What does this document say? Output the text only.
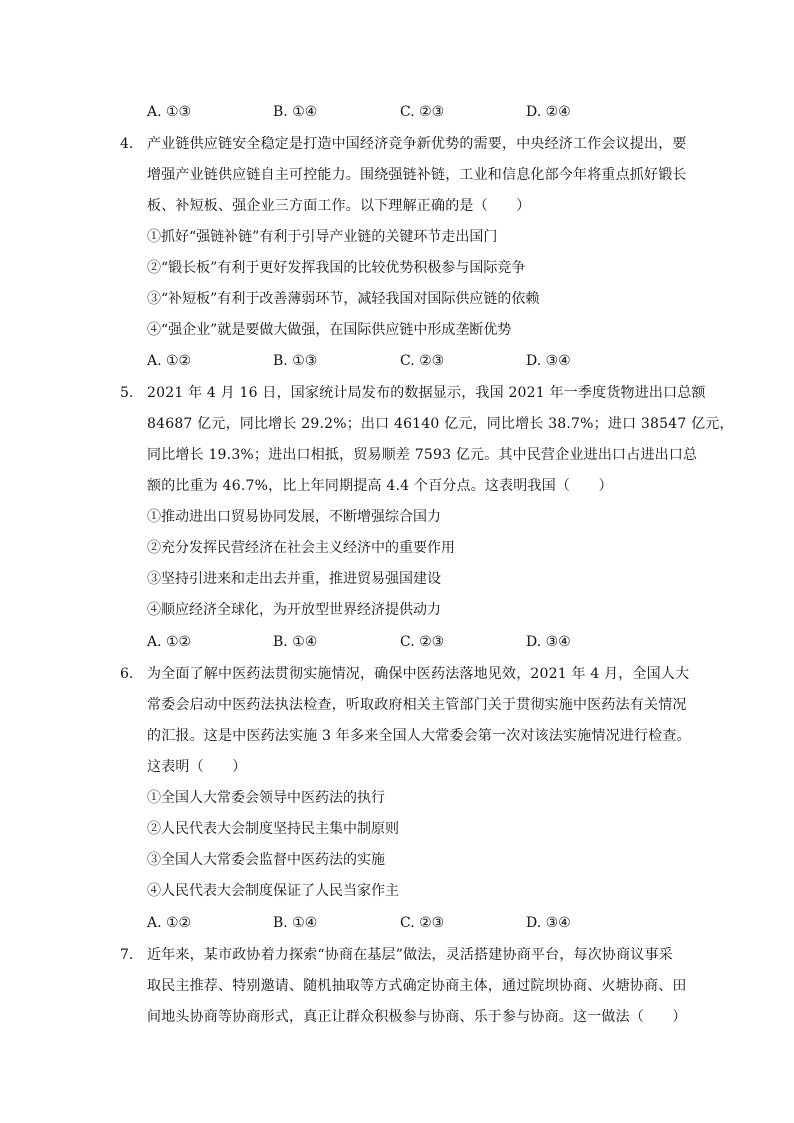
A. ①③	B. ①④	C. ②③	D. ②④
4. 产业链供应链安全稳定是打造中国经济竞争新优势的需要，中央经济工作会议提出，要
增强产业链供应链自主可控能力。围绕强链补链，工业和信息化部今年将重点抓好锻长
板、补短板、强企业三方面工作。以下理解正确的是（　　）
①抓好“强链补链”有利于引导产业链的关键环节走出国门
②“锻长板”有利于更好发挥我国的比较优势积极参与国际竞争
③“补短板”有利于改善薄弱环节，减轻我国对国际供应链的依赖
④“强企业”就是要做大做强，在国际供应链中形成垄断优势
A. ①②	B. ①③	C. ②③	D. ③④
5. 2021 年 4 月 16 日，国家统计局发布的数据显示，我国 2021 年一季度货物进出口总额
84687 亿元，同比增长 29.2%；出口 46140 亿元，同比增长 38.7%；进口 38547 亿元，
同比增长 19.3%；进出口相抵，贸易顺差 7593 亿元。其中民营企业进出口占进出口总
额的比重为 46.7%，比上年同期提高 4.4 个百分点。这表明我国（　　）
①推动进出口贸易协同发展，不断增强综合国力
②充分发挥民营经济在社会主义经济中的重要作用
③坚持引进来和走出去并重，推进贸易强国建设
④顺应经济全球化，为开放型世界经济提供动力
A. ①②	B. ①④	C. ②③	D. ③④
6. 为全面了解中医药法贯彻实施情况，确保中医药法落地见效，2021 年 4 月，全国人大
常委会启动中医药法执法检查，听取政府相关主管部门关于贯彻实施中医药法有关情况
的汇报。这是中医药法实施 3 年多来全国人大常委会第一次对该法实施情况进行检查。
这表明（　　）
①全国人大常委会领导中医药法的执行
②人民代表大会制度坚持民主集中制原则
③全国人大常委会监督中医药法的实施
④人民代表大会制度保证了人民当家作主
A. ①②	B. ①④	C. ②③	D. ③④
7. 近年来，某市政协着力探索“协商在基层”做法，灵活搭建协商平台，每次协商议事采
取民主推荐、特别邀请、随机抽取等方式确定协商主体，通过院坝协商、火塘协商、田
间地头协商等协商形式，真正让群众积极参与协商、乐于参与协商。这一做法（　　）
